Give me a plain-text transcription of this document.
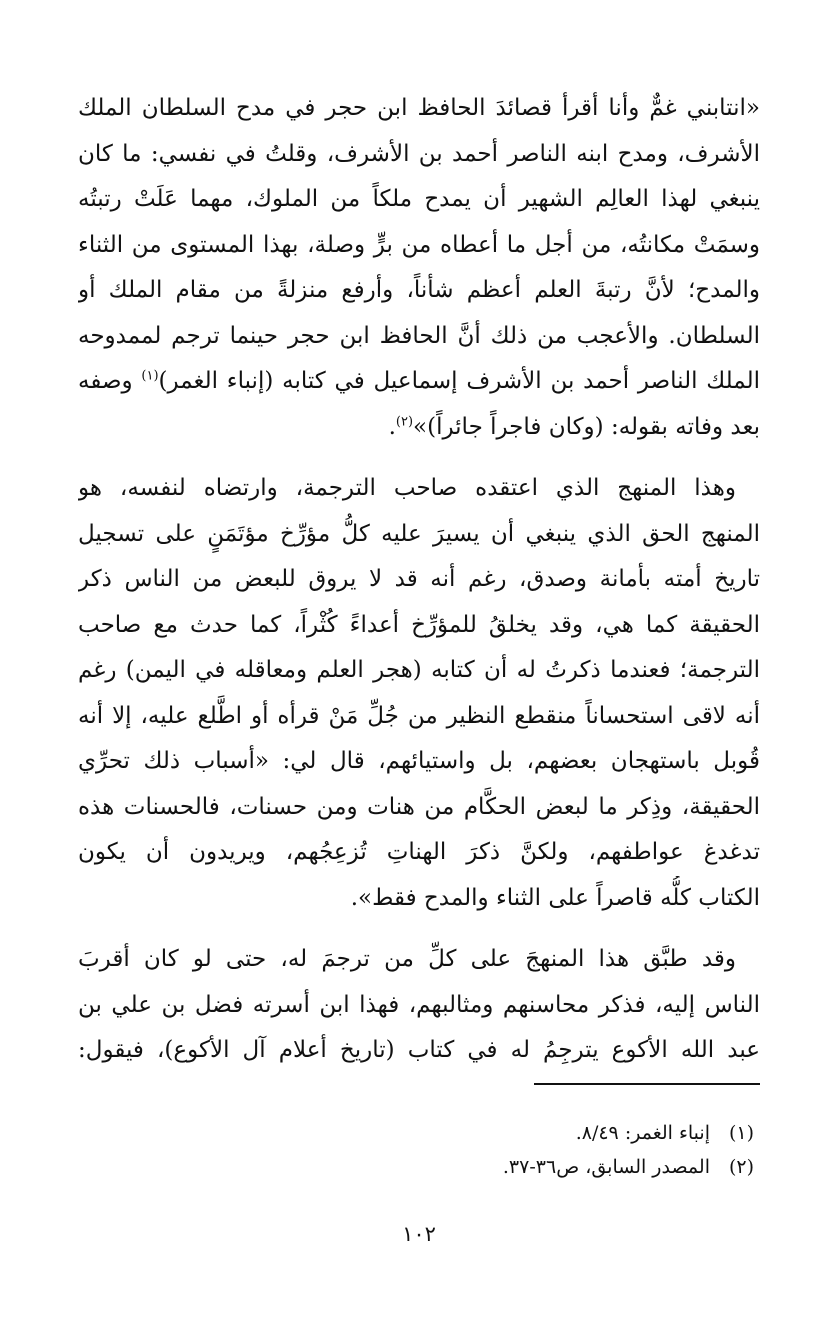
«انتابني غمٌّ وأنا أقرأ قصائدَ الحافظ ابن حجر في مدح السلطان الملك
الأشرف، ومدح ابنه الناصر أحمد بن الأشرف، وقلتُ في نفسي: ما كان
ينبغي لهذا العالِم الشهير أن يمدح ملكاً من الملوك، مهما عَلَتْ رتبتُه
وسمَتْ مكانتُه، من أجل ما أعطاه من برٍّ وصلة، بهذا المستوى من الثناء
والمدح؛ لأنَّ رتبةَ العلم أعظم شأناً، وأرفع منزلةً من مقام الملك أو
السلطان. والأعجب من ذلك أنَّ الحافظ ابن حجر حينما ترجم لممدوحه
الملك الناصر أحمد بن الأشرف إسماعيل في كتابه (إنباء الغمر)$^{(١)}$ وصفه
بعد وفاته بقوله: (وكان فاجراً جائراً)»$^{(٢)}$.
وهذا المنهج الذي اعتقده صاحب الترجمة، وارتضاه لنفسه، هو
المنهج الحق الذي ينبغي أن يسيرَ عليه كلُّ مؤرِّخ مؤتَمَنٍ على تسجيل
تاريخ أمته بأمانة وصدق، رغم أنه قد لا يروق للبعض من الناس ذكر
الحقيقة كما هي، وقد يخلقُ للمؤرِّخ أعداءً كُثْراً، كما حدث مع صاحب
الترجمة؛ فعندما ذكرتُ له أن كتابه (هجر العلم ومعاقله في اليمن) رغم
أنه لاقى استحساناً منقطع النظير من جُلِّ مَنْ قرأه أو اطَّلع عليه، إلا أنه
قُوبل باستهجان بعضهم، بل واستيائهم، قال لي: «أسباب ذلك تحرِّي
الحقيقة، وذِكر ما لبعض الحكَّام من هنات ومن حسنات، فالحسنات هذه
تدغدغ عواطفهم، ولكنَّ ذكرَ الهناتِ تُزعِجُهم، ويريدون أن يكون
الكتاب كلُّه قاصراً على الثناء والمدح فقط».
وقد طبَّق هذا المنهجَ على كلِّ من ترجمَ له، حتى لو كان أقربَ
الناس إليه، فذكر محاسنهم ومثالبهم، فهذا ابن أسرته فضل بن علي بن
عبد الله الأكوع يترجِمُ له في كتاب (تاريخ أعلام آل الأكوع)، فيقول:
(١)إنباء الغمر: ٨/٤٩.
(٢)المصدر السابق، ص٣٦-٣٧.
١٠٢
